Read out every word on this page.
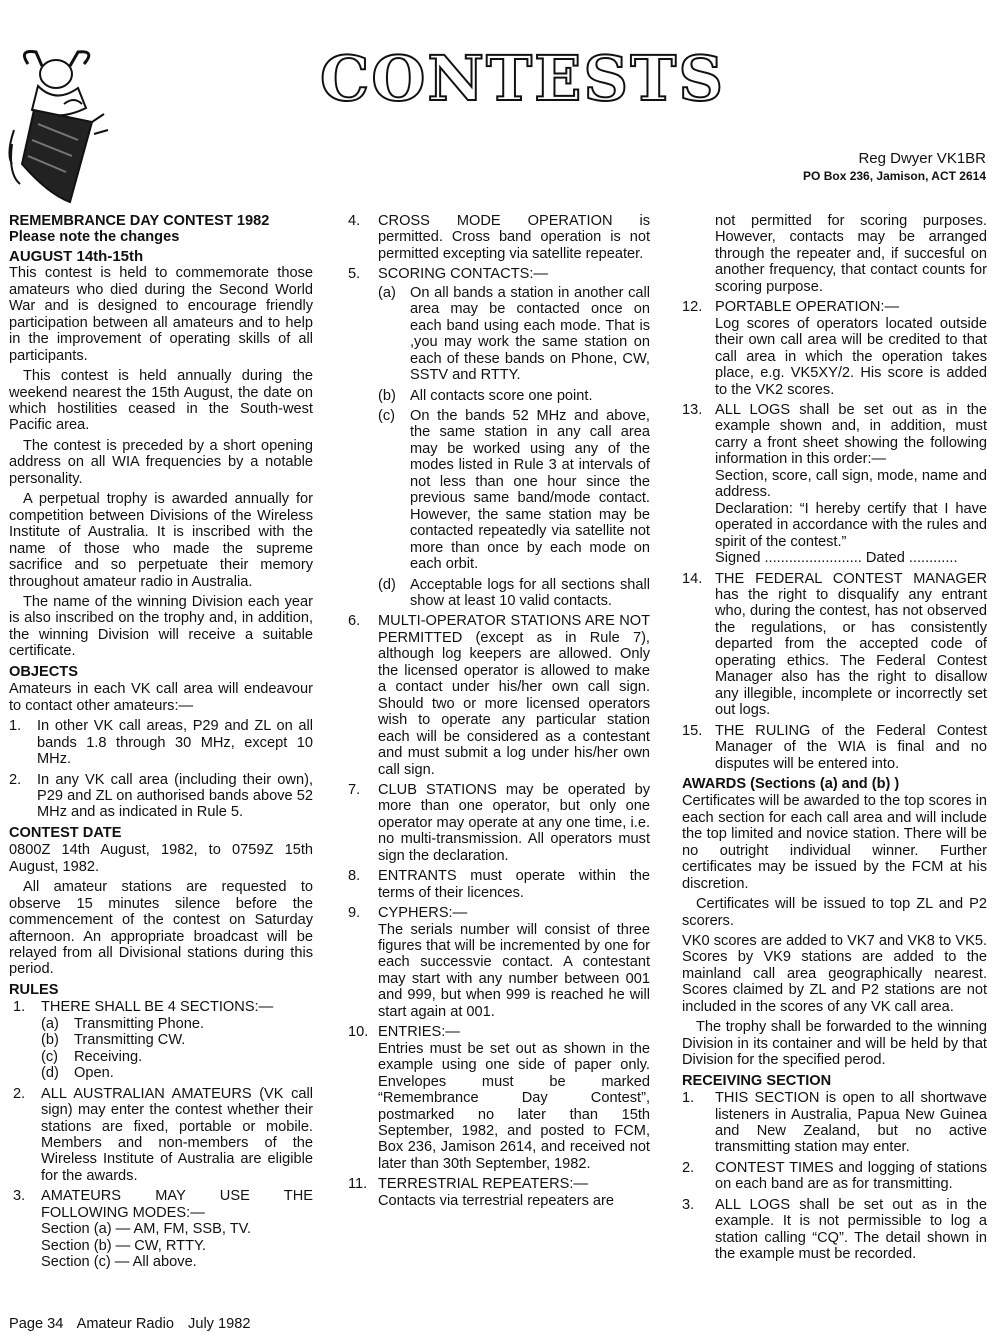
CONTESTS
Reg Dwyer VK1BR
PO Box 236, Jamison, ACT 2614
REMEMBRANCE DAY CONTEST 1982
Please note the changes
AUGUST 14th-15th

This contest is held to commemorate those amateurs who died during the Second World War and is designed to encourage friendly participation between all amateurs and to help in the improvement of operating skills of all participants.

This contest is held annually during the weekend nearest the 15th August, the date on which hostilities ceased in the South-west Pacific area.

The contest is preceded by a short opening address on all WIA frequencies by a notable personality.

A perpetual trophy is awarded annually for competition between Divisions of the Wireless Institute of Australia. It is inscribed with the name of those who made the supreme sacrifice and so perpetuate their memory throughout amateur radio in Australia.

The name of the winning Division each year is also inscribed on the trophy and, in addition, the winning Division will receive a suitable certificate.

OBJECTS

Amateurs in each VK call area will endeavour to contact other amateurs:—

1.	In other VK call areas, P29 and ZL on all bands 1.8 through 30 MHz, except 10 MHz.
2.	In any VK call area (including their own), P29 and ZL on authorised bands above 52 MHz and as indicated in Rule 5.
CONTEST DATE

0800Z 14th August, 1982, to 0759Z 15th August, 1982.

All amateur stations are requested to observe 15 minutes silence before the commencement of the contest on Saturday afternoon. An appropriate broadcast will be relayed from all Divisional stations during this period.

RULES
1.	THERE SHALL BE 4 SECTIONS:—
(a)	Transmitting Phone.
(b)	Transmitting CW.
(c)	Receiving.
(d)	Open.
2.	ALL AUSTRALIAN AMATEURS (VK call sign) may enter the contest whether their stations are fixed, portable or mobile. Members and non-members of the Wireless Institute of Australia are eligible for the awards.
3.	AMATEURS MAY USE THE FOLLOWING MODES:—
Section (a) — AM, FM, SSB, TV.
Section (b) — CW, RTTY.
Section (c) — All above.
4.	CROSS MODE OPERATION is permitted. Cross band operation is not permitted excepting via satellite repeater.
5.	SCORING CONTACTS:—
(a) On all bands a station in another call area may be contacted once on each band using each mode. That is ,you may work the same station on each of these bands on Phone, CW, SSTV and RTTY.
(b) All contacts score one point.
(c)	On the bands 52 MHz and above, the same station in any call area may be worked using any of the modes listed in Rule 3 at intervals of not less than one hour since the previous same band/mode contact. However, the same station may be contacted repeatedly via satellite not more than once by each mode on each orbit.
(d) Acceptable logs for all sections shall show at least 10 valid contacts.
6.	MULTI-OPERATOR STATIONS ARE NOT PERMITTED (except as in Rule 7), although log keepers are allowed. Only the licensed operator is allowed to make a contact under his/her own call sign. Should two or more licensed operators wish to operate any particular station each will be considered as a contestant and must submit a log under his/her own call sign.
7.	CLUB STATIONS may be operated by more than one operator, but only one operator may operate at any one time, i.e. no multi-transmission. All operators must sign the declaration.
8.	ENTRANTS must operate within the terms of their licences.
9.	CYPHERS:—
The serials number will consist of three figures that will be incremented by one for each successvie contact. A contestant may start with any number between 001 and 999, but when 999 is reached he will start again at 001.
10. ENTRIES:—
Entries must be set out as shown in the example using one side of paper only. Envelopes must be marked “Remembrance Day Contest”, postmarked no later than 15th September, 1982, and posted to FCM, Box 236, Jamison 2614, and received not later than 30th September, 1982.
11. TERRESTRIAL REPEATERS:—
Contacts via terrestrial repeaters are

not permitted for scoring purposes. However, contacts may be arranged through the repeater and, if succesful on another frequency, that contact counts for scoring purpose.

12. PORTABLE OPERATION:—
Log scores of operators located outside their own call area will be credited to that call area in which the operation takes place, e.g. VK5XY/2. His score is added to the VK2 scores.
13. ALL LOGS shall be set out as in the example shown and, in addition, must carry a front sheet showing the following information in this order:—
Section, score, call sign, mode, name and address.
Declaration: “I hereby certify that I have operated in accordance with the rules and spirit of the contest.”
Signed ........................ Dated ............
14. THE FEDERAL CONTEST MANAGER has the right to disqualify any entrant who, during the contest, has not observed the regulations, or has consistently departed from the accepted code of operating ethics. The Federal Contest Manager also has the right to disallow any illegible, incomplete or incorrectly set out logs.
15. THE RULING of the Federal Contest Manager of the WIA is final and no disputes will be entered into.
AWARDS (Sections (a) and (b) )

Certificates will be awarded to the top scores in each section for each call area and will include the top limited and novice station. There will be no outright individual winner. Further certificates may be issued by the FCM at his discretion.

Certificates will be issued to top ZL and P2 scorers.

VK0 scores are added to VK7 and VK8 to VK5. Scores by VK9 stations are added to the mainland call area geographically nearest. Scores claimed by ZL and P2 stations are not included in the scores of any VK call area.

The trophy shall be forwarded to the winning Division in its container and will be held by that Division for the specified perod.

RECEIVING SECTION
1.	THIS SECTION is open to all shortwave listeners in Australia, Papua New Guinea and New Zealand, but no active transmitting station may enter.
2.	CONTEST TIMES and logging of stations on each band are as for transmitting.
3.	ALL LOGS shall be set out as in the example. It is not permissible to log a station calling “CQ”. The detail shown in the example must be recorded.
Page 34 Amateur Radio July 1982
